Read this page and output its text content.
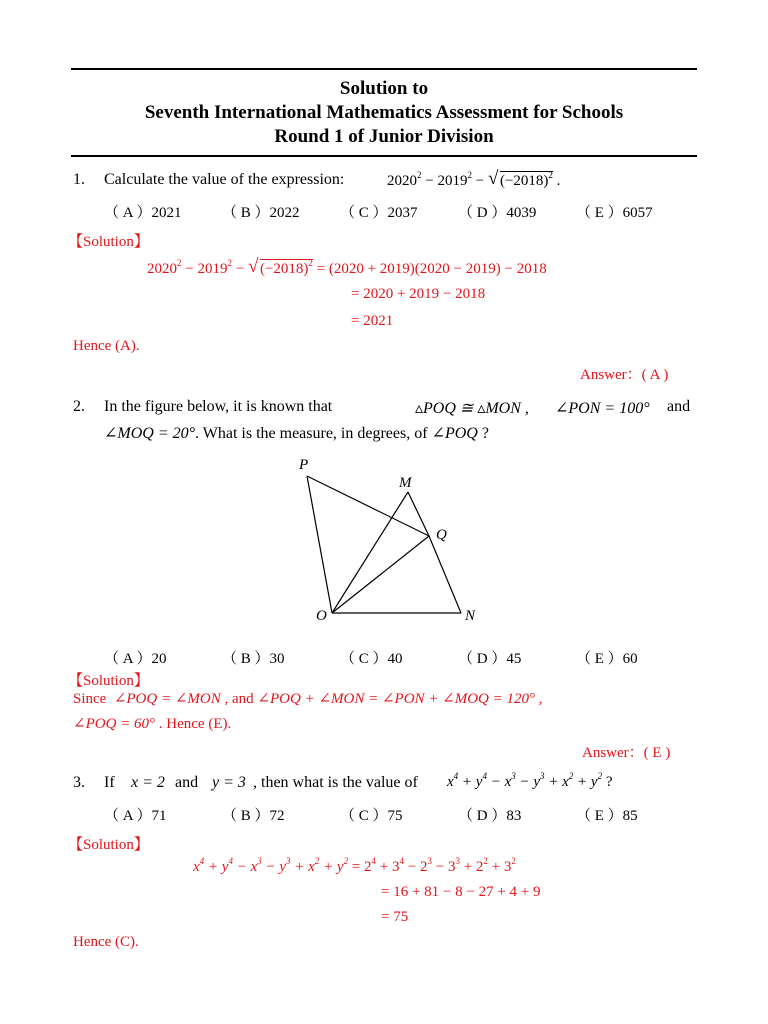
Solution to
Seventh International Mathematics Assessment for Schools
Round 1 of Junior Division
1. Calculate the value of the expression:	$2020^2 - 2019^2$ − √ $(-2018)^2$ .
（ A ）2021	（ B ）2022	（ C ）2037	（ D ）4039	（ E ）6057
【Solution】
$2020^2 - 2019^2$ − √ $(-2018)^2 = (2020 + 2019)(2020 - 2019) - 2018$
= 2020 + 2019 − 2018
= 2021
Hence (A).
Answer：( A )
2. In the figure below, it is known that	▵POQ ≅ ▵MON , ∠PON = 100° and
∠MOQ = 20°. What is the measure, in degrees, of ∠POQ ?
P
M
Q
O	N
（ A ）20	（ B ）30	（ C ）40	（ D ）45	（ E ）60
【Solution】
Since ∠POQ = ∠MON , and ∠POQ + ∠MON = ∠PON + ∠MOQ = 120° ,
∠POQ = 60° . Hence (E).
Answer：( E )
3. If x = 2 and y = 3 , then what is the value of $x^4 + y^4 - x^3 - y^3 + x^2 + y^2$ ?
（ A ）71	（ B ）72	（ C ）75	（ D ）83	（ E ）85
【Solution】
$x^4 + y^4 - x^3 - y^3 + x^2 + y^2 = 2^4 + 3^4 - 2^3 - 3^3 + 2^2 + 3^2$
= 16 + 81 − 8 − 27 + 4 + 9
= 75
Hence (C).
